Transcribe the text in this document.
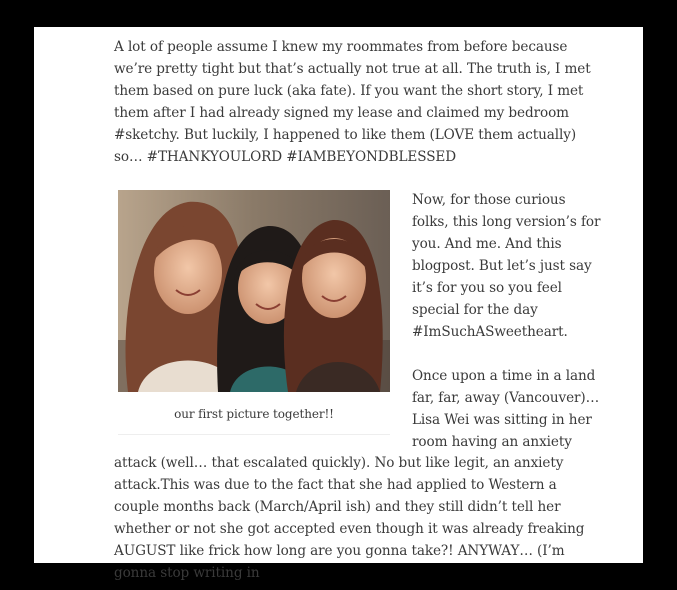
A lot of people assume I knew my roommates from before because we’re pretty tight but that’s actually not true at all. The truth is, I met them based on pure luck (aka fate). If you want the short story, I met them after I had already signed my lease and claimed my bedroom #sketchy. But luckily, I happened to like them (LOVE them actually) so… #THANKYOULORD #IAMBEYONDBLESSED

our first picture together!!

Now, for those curious folks, this long version’s for you. And me. And this blogpost. But let’s just say it’s for you so you feel special for the day #ImSuchASweetheart.

Once upon a time in a land far, far, away (Vancouver)… Lisa Wei was sitting in her room having an anxiety attack (well… that escalated quickly). No but like legit, an anxiety attack.This was due to the fact that she had applied to Western a couple months back (March/April ish) and they still didn’t tell her whether or not she got accepted even though it was already freaking AUGUST like frick how long are you gonna take?! ANYWAY… (I’m gonna stop writing in
